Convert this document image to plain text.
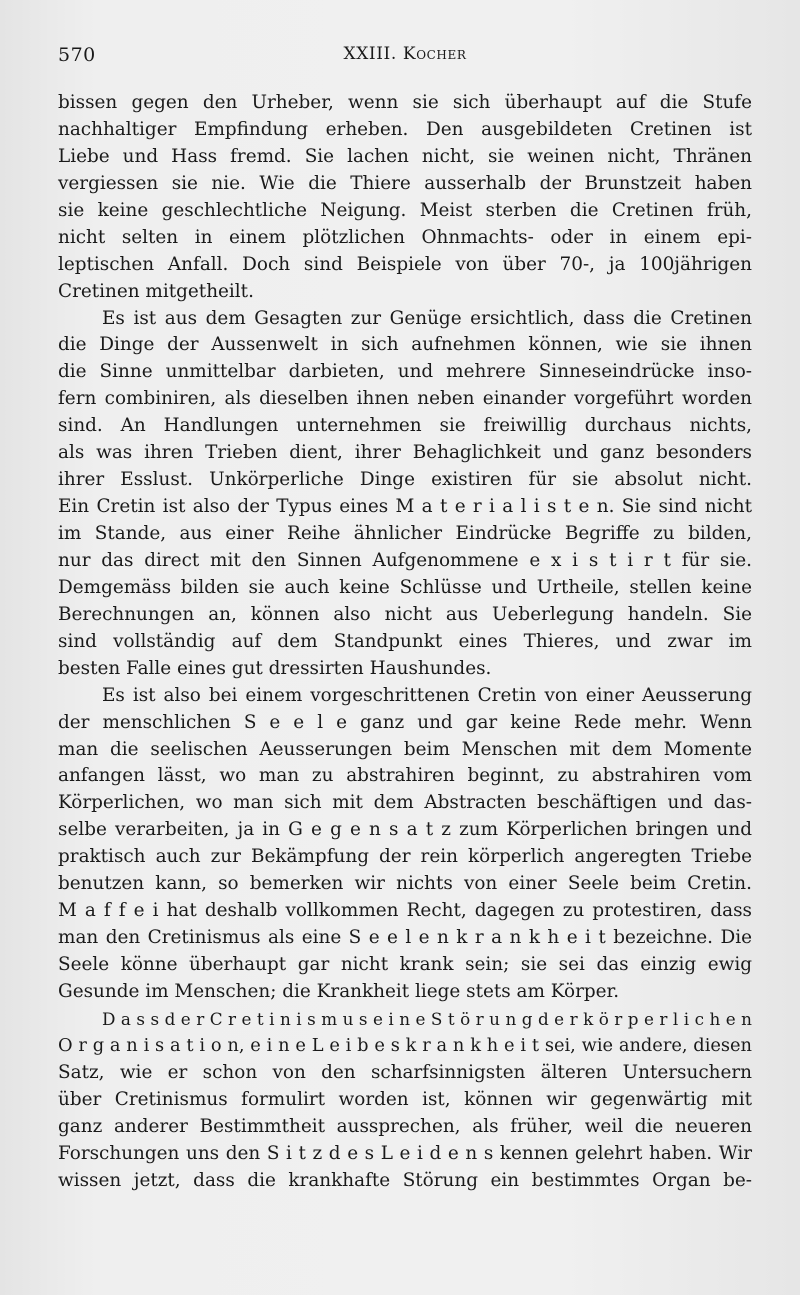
570	XXIII. Kocher
bissen gegen den Urheber, wenn sie sich überhaupt auf die Stufe
nachhaltiger Empfindung erheben. Den ausgebildeten Cretinen ist
Liebe und Hass fremd. Sie lachen nicht, sie weinen nicht, Thränen
vergiessen sie nie. Wie die Thiere ausserhalb der Brunstzeit haben
sie keine geschlechtliche Neigung. Meist sterben die Cretinen früh,
nicht selten in einem plötzlichen Ohnmachts- oder in einem epi-
leptischen Anfall. Doch sind Beispiele von über 70-, ja 100jährigen
Cretinen mitgetheilt.
Es ist aus dem Gesagten zur Genüge ersichtlich, dass die Cretinen
die Dinge der Aussenwelt in sich aufnehmen können, wie sie ihnen
die Sinne unmittelbar darbieten, und mehrere Sinneseindrücke inso-
fern combiniren, als dieselben ihnen neben einander vorgeführt worden
sind. An Handlungen unternehmen sie freiwillig durchaus nichts,
als was ihren Trieben dient, ihrer Behaglichkeit und ganz besonders
ihrer Esslust. Unkörperliche Dinge existiren für sie absolut nicht.
Ein Cretin ist also der Typus eines M a t e r i a l i s t e n. Sie sind nicht
im Stande, aus einer Reihe ähnlicher Eindrücke Begriffe zu bilden,
nur das direct mit den Sinnen Aufgenommene e x i s t i r t für sie.
Demgemäss bilden sie auch keine Schlüsse und Urtheile, stellen keine
Berechnungen an, können also nicht aus Ueberlegung handeln. Sie
sind vollständig auf dem Standpunkt eines Thieres, und zwar im
besten Falle eines gut dressirten Haushundes.
Es ist also bei einem vorgeschrittenen Cretin von einer Aeusserung
der menschlichen S e e l e ganz und gar keine Rede mehr. Wenn
man die seelischen Aeusserungen beim Menschen mit dem Momente
anfangen lässt, wo man zu abstrahiren beginnt, zu abstrahiren vom
Körperlichen, wo man sich mit dem Abstracten beschäftigen und das-
selbe verarbeiten, ja in G e g e n s a t z zum Körperlichen bringen und
praktisch auch zur Bekämpfung der rein körperlich angeregten Triebe
benutzen kann, so bemerken wir nichts von einer Seele beim Cretin.
M a f f e i hat deshalb vollkommen Recht, dagegen zu protestiren, dass
man den Cretinismus als eine S e e l e n k r a n k h e i t bezeichne. Die
Seele könne überhaupt gar nicht krank sein; sie sei das einzig ewig
Gesunde im Menschen; die Krankheit liege stets am Körper.
D a s s d e r C r e t i n i s m u s e i n e S t ö r u n g d e r k ö r p e r l i c h e n
O r g a n i s a t i o n, e i n e L e i b e s k r a n k h e i t sei, wie andere, diesen
Satz, wie er schon von den scharfsinnigsten älteren Untersuchern
über Cretinismus formulirt worden ist, können wir gegenwärtig mit
ganz anderer Bestimmtheit aussprechen, als früher, weil die neueren
Forschungen uns den S i t z d e s L e i d e n s kennen gelehrt haben. Wir
wissen jetzt, dass die krankhafte Störung ein bestimmtes Organ be-
